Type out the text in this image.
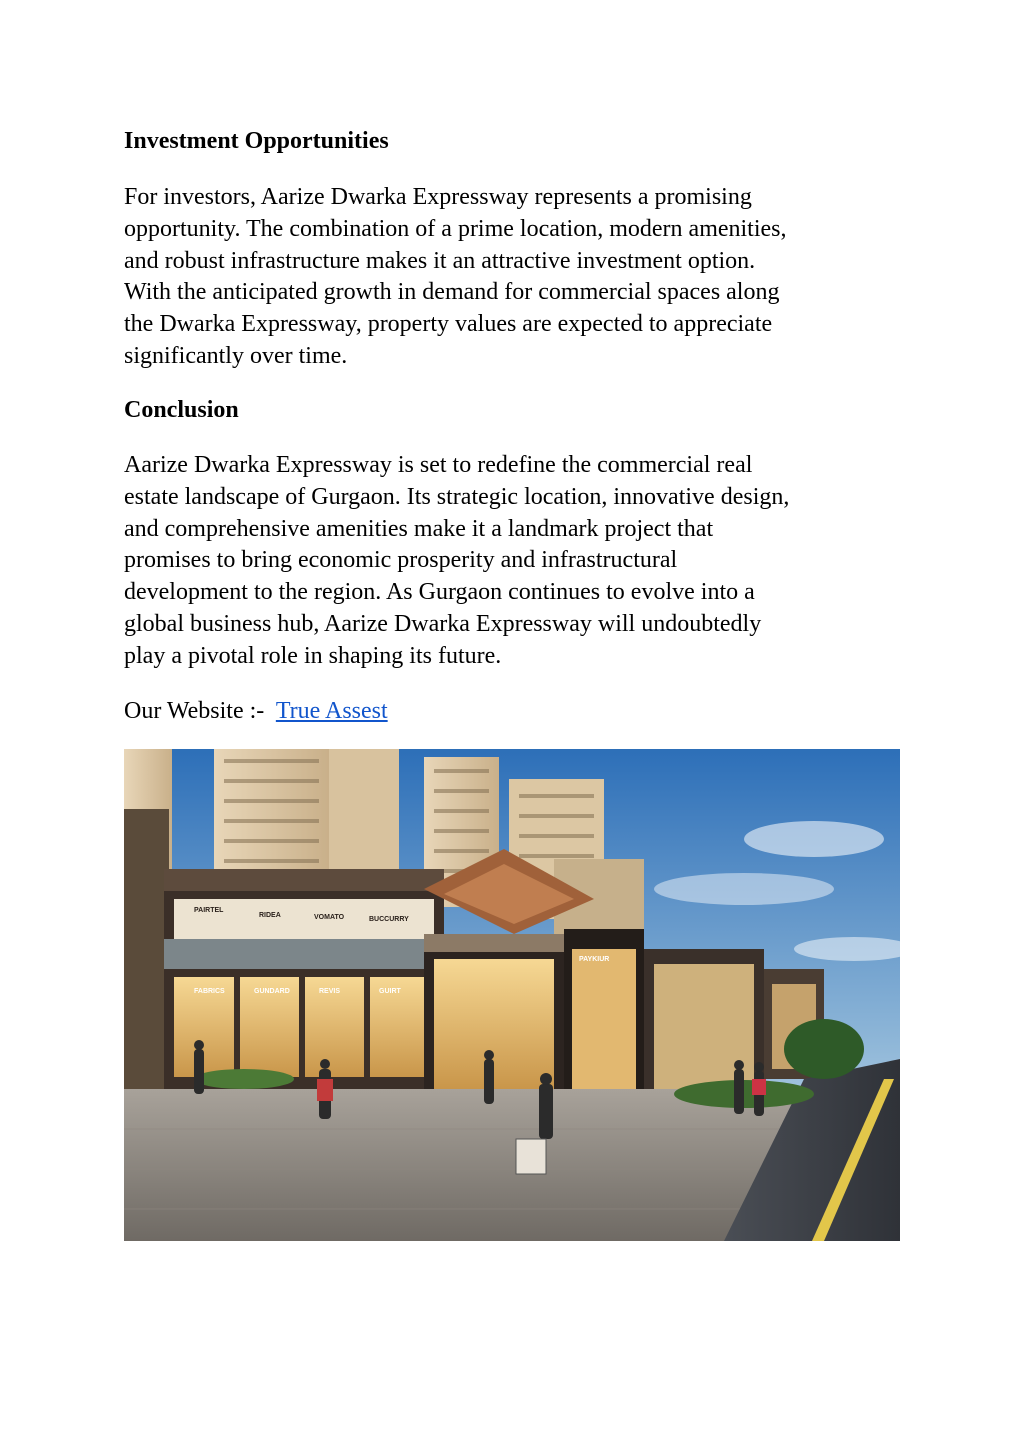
Investment Opportunities
For investors, Aarize Dwarka Expressway represents a promising
opportunity. The combination of a prime location, modern amenities,
and robust infrastructure makes it an attractive investment option.
With the anticipated growth in demand for commercial spaces along
the Dwarka Expressway, property values are expected to appreciate
significantly over time.
Conclusion
Aarize Dwarka Expressway is set to redefine the commercial real
estate landscape of Gurgaon. Its strategic location, innovative design,
and comprehensive amenities make it a landmark project that
promises to bring economic prosperity and infrastructural
development to the region. As Gurgaon continues to evolve into a
global business hub, Aarize Dwarka Expressway will undoubtedly
play a pivotal role in shaping its future.
Our Website :- True Assest
PAIRTEL
RIDEA	VOMATO	BUCCURRY
FABRICS	GUNDARD	REVIS	GUIRT
PAYKIUR
